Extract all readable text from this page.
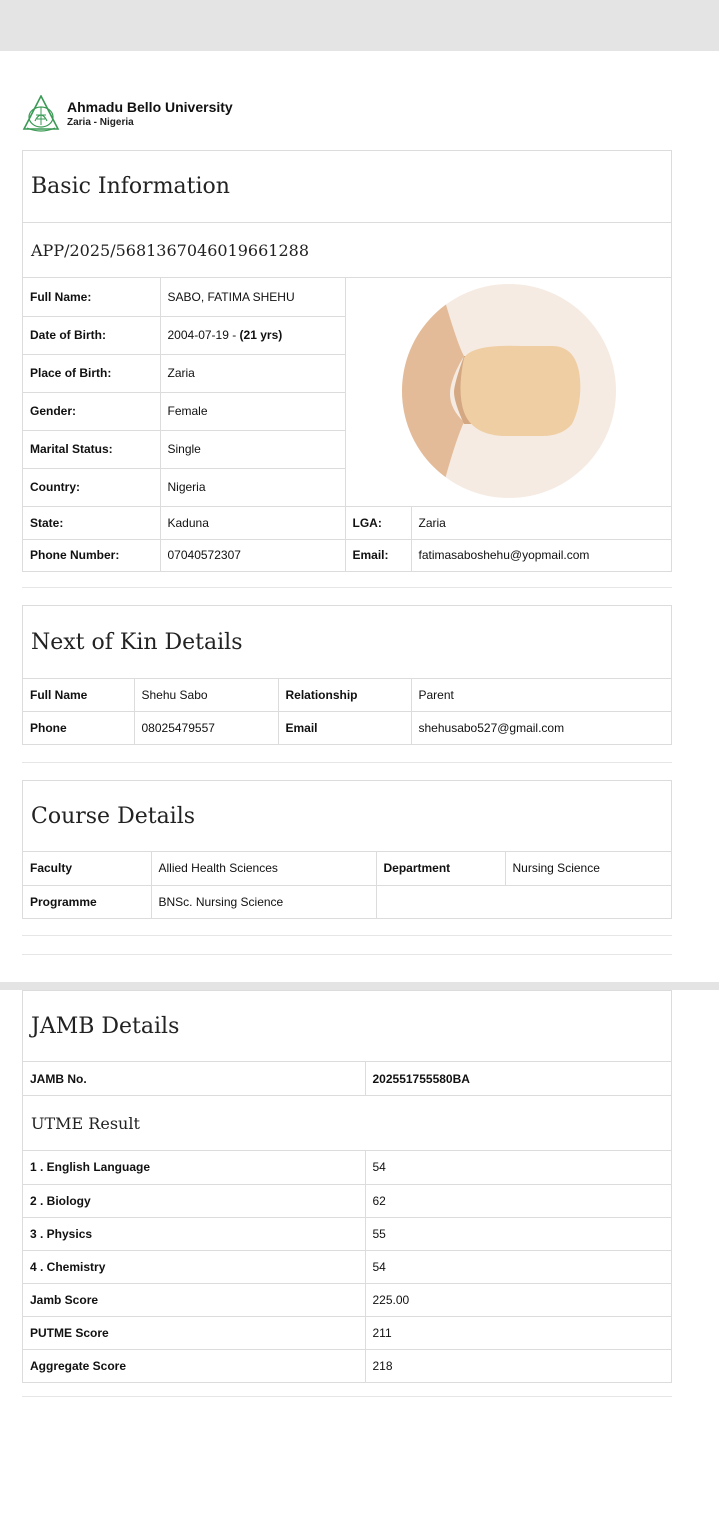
Ahmadu Bello University
Zaria - Nigeria
Basic Information
APP/2025/5681367046019661288
Full Name:	SABO, FATIMA SHEHU	

Date of Birth:	2004-07-19 - (21 yrs)		
Place of Birth:	Zaria		
Gender:	Female		
Marital Status:	Single		
Country:	Nigeria		
State:	Kaduna	LGA:	Zaria
Phone Number:	07040572307	Email:	fatimasaboshehu@yopmail.com
Next of Kin Details
Full Name	Shehu Sabo	Relationship	Parent
Phone	08025479557	Email	shehusabo527@gmail.com
Course Details
Faculty	Allied Health Sciences	Department	Nursing Science
Programme	BNSc. Nursing Science		
JAMB Details
JAMB No.	202551755580BA
UTME Result
1 . English Language	54
2 . Biology	62
3 . Physics	55
4 . Chemistry	54
Jamb Score	225.00
PUTME Score	211
Aggregate Score	218
